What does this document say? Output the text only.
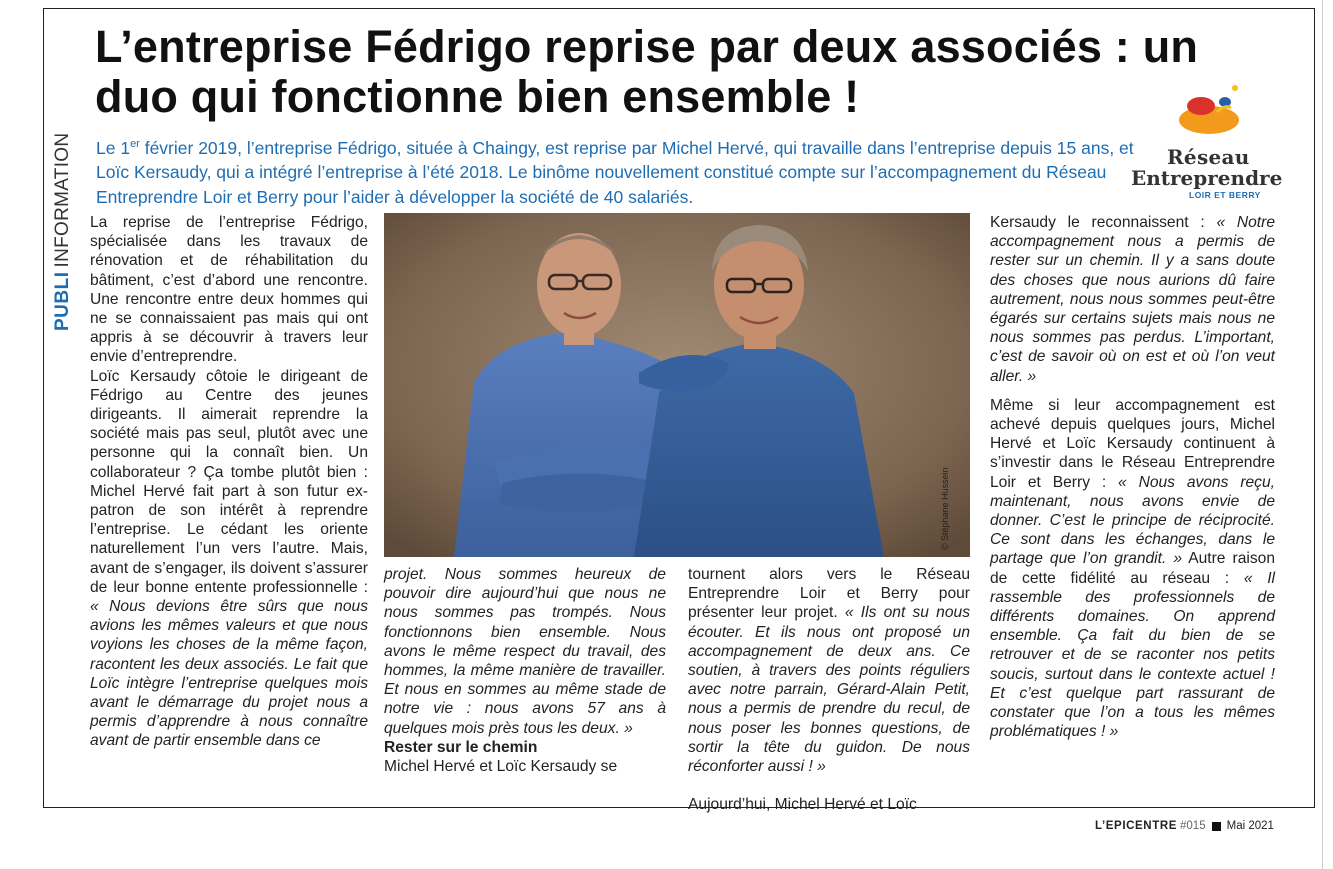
PUBLI
INFORMATION
L’entreprise Fédrigo reprise par deux associés : un duo qui fonctionne bien ensemble !
Le 1er février 2019, l’entreprise Fédrigo, située à Chaingy, est reprise par Michel Hervé, qui travaille dans l’entreprise depuis 15 ans, et Loïc Kersaudy, qui a intégré l’entreprise à l’été 2018. Le binôme nouvellement constitué compte sur l’accompagnement du Réseau Entreprendre Loir et Berry pour l’aider à développer la société de 40 salariés.
Réseau
Entreprendre
LOIR ET BERRY

La reprise de l’entreprise Fédrigo, spécialisée dans les travaux de rénovation et de réhabilitation du bâtiment, c’est d’abord une rencontre. Une rencontre entre deux hommes qui ne se connaissaient pas mais qui ont appris à se découvrir à travers leur envie d’entreprendre.

Loïc Kersaudy côtoie le dirigeant de Fédrigo au Centre des jeunes dirigeants. Il aimerait reprendre la société mais pas seul, plutôt avec une personne qui la connaît bien. Un collaborateur ? Ça tombe plutôt bien : Michel Hervé fait part à son futur ex-patron de son intérêt à reprendre l’entreprise. Le cédant les oriente naturellement l’un vers l’autre. Mais, avant de s’engager, ils doivent s’assurer de leur bonne entente professionnelle : « Nous devions être sûrs que nous avions les mêmes valeurs et que nous voyions les choses de la même façon, racontent les deux associés. Le fait que Loïc intègre l’entreprise quelques mois avant le démarrage du projet nous a permis d’apprendre à nous connaître avant de partir ensemble dans ce

© Stéphane Hussein

projet. Nous sommes heureux de pouvoir dire aujourd’hui que nous ne nous sommes pas trompés. Nous fonctionnons bien ensemble. Nous avons le même respect du travail, des hommes, la même manière de travailler. Et nous en sommes au même stade de notre vie : nous avons 57 ans à quelques mois près tous les deux. »

Rester sur le chemin

Michel Hervé et Loïc Kersaudy se

tournent alors vers le Réseau Entreprendre Loir et Berry pour présenter leur projet. « Ils ont su nous écouter. Et ils nous ont proposé un accompagnement de deux ans. Ce soutien, à travers des points réguliers avec notre parrain, Gérard-Alain Petit, nous a permis de prendre du recul, de nous poser les bonnes questions, de sortir la tête du guidon. De nous réconforter aussi ! »

Aujourd’hui, Michel Hervé et Loïc

Kersaudy le reconnaissent : « Notre accompagnement nous a permis de rester sur un chemin. Il y a sans doute des choses que nous aurions dû faire autrement, nous nous sommes peut-être égarés sur certains sujets mais nous ne nous sommes pas perdus. L’important, c’est de savoir où on est et où l’on veut aller. »

Même si leur accompagnement est achevé depuis quelques jours, Michel Hervé et Loïc Kersaudy continuent à s’investir dans le Réseau Entreprendre Loir et Berry : « Nous avons reçu, maintenant, nous avons envie de donner. C’est le principe de réciprocité. Ce sont dans les échanges, dans le partage que l’on grandit. » Autre raison de cette fidélité au réseau : « Il rassemble des professionnels de différents domaines. On apprend ensemble. Ça fait du bien de se retrouver et de se raconter nos petits soucis, surtout dans le contexte actuel ! Et c’est quelque part rassurant de constater que l’on a tous les mêmes problématiques ! »

L’EPICENTRE #015 Mai 2021
